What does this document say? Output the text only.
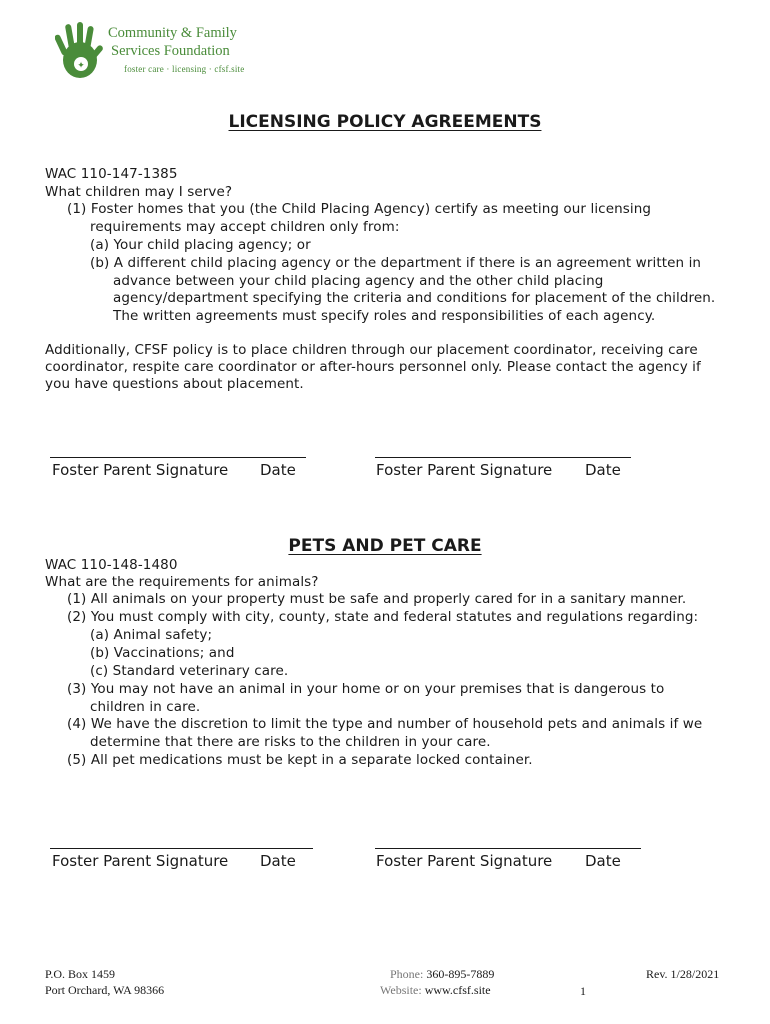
✦
Community & Family
Services Foundation
foster care · licensing · cfsf.site
LICENSING POLICY AGREEMENTS
WAC 110-147-1385
What children may I serve?
(1) Foster homes that you (the Child Placing Agency) certify as meeting our licensing
requirements may accept children only from:
(a) Your child placing agency; or
(b) A different child placing agency or the department if there is an agreement written in
advance between your child placing agency and the other child placing
agency/department specifying the criteria and conditions for placement of the children.
The written agreements must specify roles and responsibilities of each agency.
Additionally, CFSF policy is to place children through our placement coordinator, receiving care
coordinator, respite care coordinator or after-hours personnel only. Please contact the agency if
you have questions about placement.
Foster Parent Signature Date	Foster Parent Signature Date
PETS AND PET CARE
WAC 110-148-1480
What are the requirements for animals?
(1) All animals on your property must be safe and properly cared for in a sanitary manner.
(2) You must comply with city, county, state and federal statutes and regulations regarding:
(a) Animal safety;
(b) Vaccinations; and
(c) Standard veterinary care.
(3) You may not have an animal in your home or on your premises that is dangerous to
children in care.
(4) We have the discretion to limit the type and number of household pets and animals if we
determine that there are risks to the children in your care.
(5) All pet medications must be kept in a separate locked container.
Foster Parent Signature Date	Foster Parent Signature Date
P.O. Box 1459
Port Orchard, WA 98366
Phone: 360-895-7889
Website: www.cfsf.site	1
Rev. 1/28/2021
